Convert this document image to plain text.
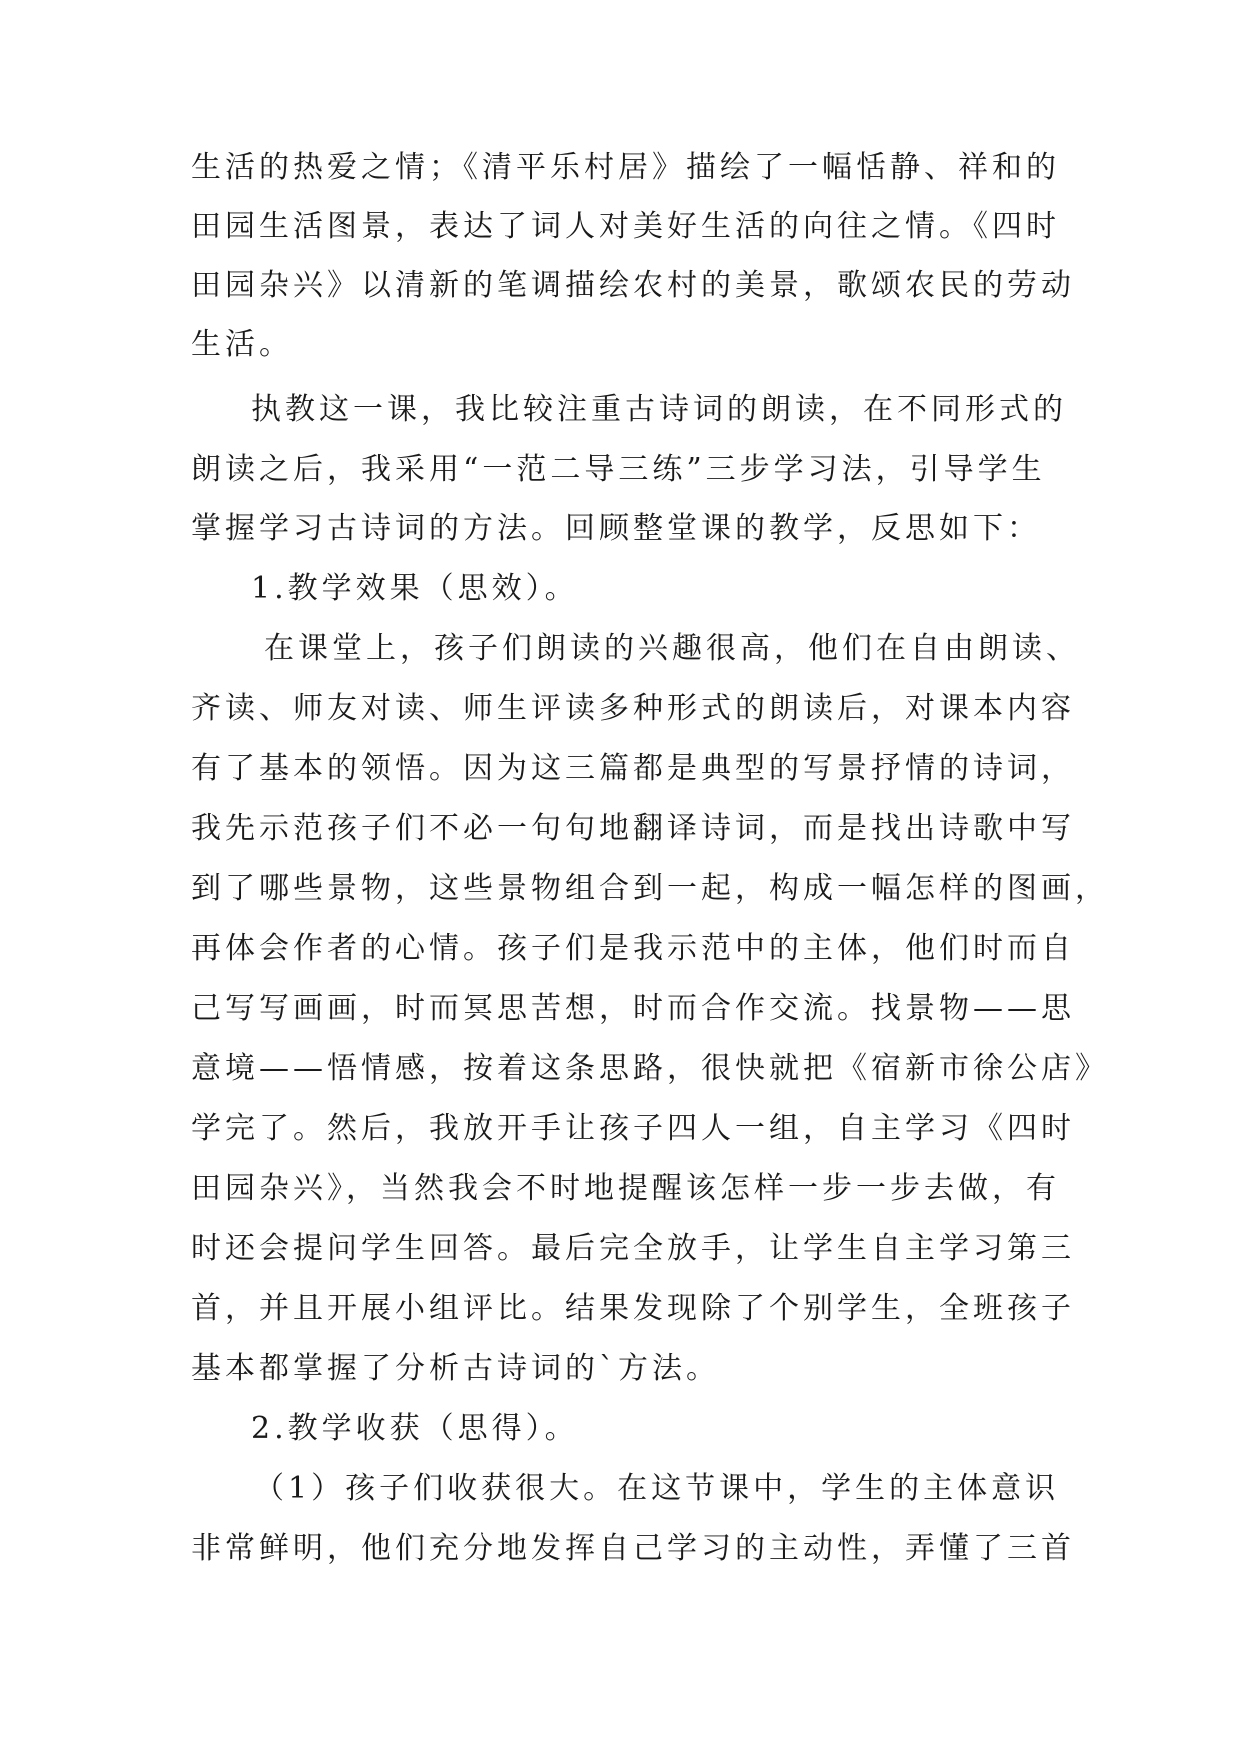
生活的热爱之情；《清平乐村居》描绘了一幅恬静、祥和的
田园生活图景，表达了词人对美好生活的向往之情。《四时
田园杂兴》以清新的笔调描绘农村的美景，歌颂农民的劳动
生活。
执教这一课，我比较注重古诗词的朗读，在不同形式的
朗读之后，我采用“一范二导三练”三步学习法，引导学生
掌握学习古诗词的方法。回顾整堂课的教学，反思如下：
1.教学效果（思效）。
在课堂上，孩子们朗读的兴趣很高，他们在自由朗读、
齐读、师友对读、师生评读多种形式的朗读后，对课本内容
有了基本的领悟。因为这三篇都是典型的写景抒情的诗词，
我先示范孩子们不必一句句地翻译诗词，而是找出诗歌中写
到了哪些景物，这些景物组合到一起，构成一幅怎样的图画，
再体会作者的心情。孩子们是我示范中的主体，他们时而自
己写写画画，时而冥思苦想，时而合作交流。找景物——思
意境——悟情感，按着这条思路，很快就把《宿新市徐公店》
学完了。然后，我放开手让孩子四人一组，自主学习《四时
田园杂兴》，当然我会不时地提醒该怎样一步一步去做，有
时还会提问学生回答。最后完全放手，让学生自主学习第三
首，并且开展小组评比。结果发现除了个别学生，全班孩子
基本都掌握了分析古诗词的`方法。
2.教学收获（思得）。
（1）孩子们收获很大。在这节课中，学生的主体意识
非常鲜明，他们充分地发挥自己学习的主动性，弄懂了三首
